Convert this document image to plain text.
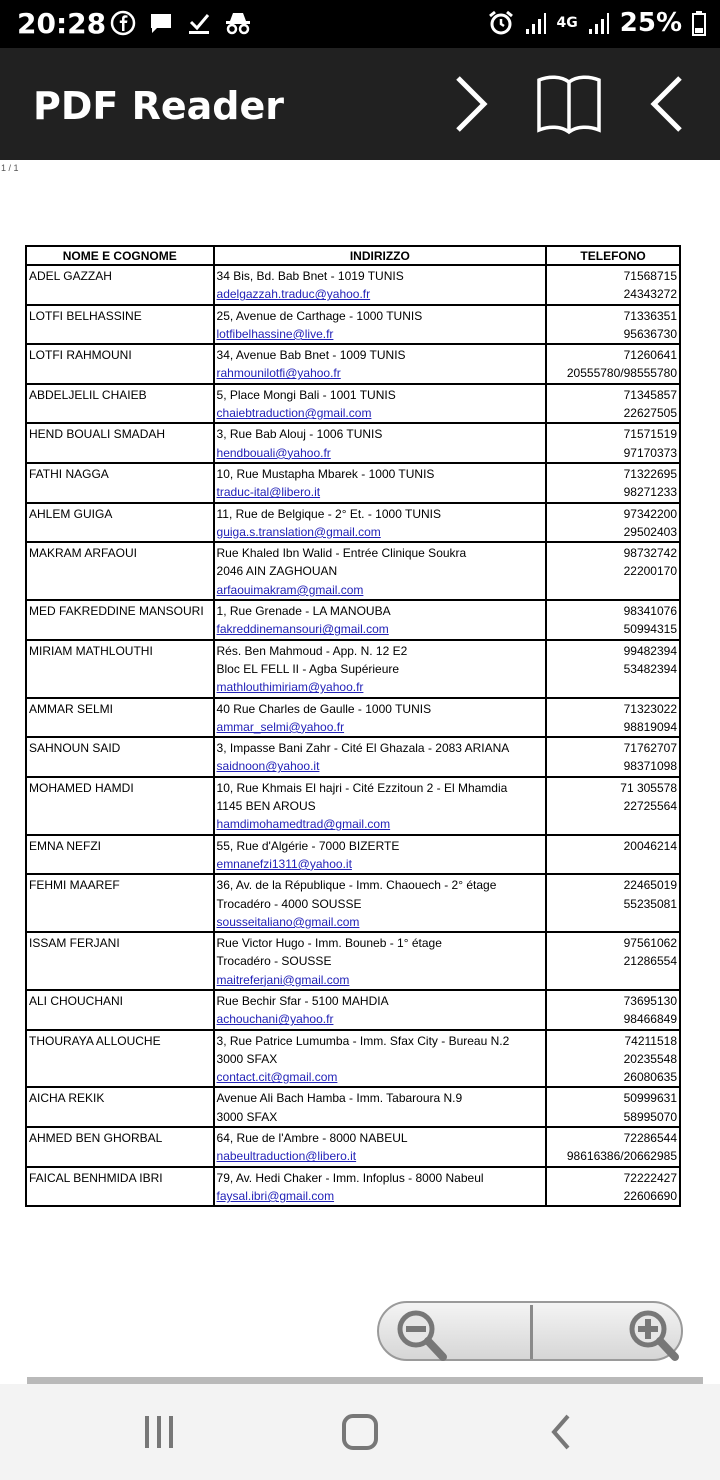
20:28	4G 25%
PDF Reader
1 / 1
NOME E COGNOME	INDIRIZZO	TELEFONO

ADEL GAZZAH	34 Bis, Bd. Bab Bnet - 1019 TUNIS
adelgazzah.traduc@yahoo.fr	71568715
24343272

LOTFI BELHASSINE	25, Avenue de Carthage - 1000 TUNIS
lotfibelhassine@live.fr	71336351
95636730

LOTFI RAHMOUNI	34, Avenue Bab Bnet - 1009 TUNIS
rahmounilotfi@yahoo.fr	71260641
20555780/98555780

ABDELJELIL CHAIEB	5, Place Mongi Bali - 1001 TUNIS
chaiebtraduction@gmail.com	71345857
22627505

HEND BOUALI SMADAH	3, Rue Bab Alouj - 1006 TUNIS
hendbouali@yahoo.fr	71571519
97170373

FATHI NAGGA	10, Rue Mustapha Mbarek - 1000 TUNIS
traduc-ital@libero.it	71322695
98271233

AHLEM GUIGA	11, Rue de Belgique - 2° Et. - 1000 TUNIS
guiga.s.translation@gmail.com	97342200
29502403

MAKRAM ARFAOUI	Rue Khaled Ibn Walid - Entrée Clinique Soukra
2046 AIN ZAGHOUAN
arfaouimakram@gmail.com	98732742
22200170

MED FAKREDDINE MANSOURI	1, Rue Grenade - LA MANOUBA
fakreddinemansouri@gmail.com	98341076
50994315

MIRIAM MATHLOUTHI	Rés. Ben Mahmoud - App. N. 12 E2
Bloc EL FELL II - Agba Supérieure
mathlouthimiriam@yahoo.fr	99482394
53482394

AMMAR SELMI	40 Rue Charles de Gaulle - 1000 TUNIS
ammar_selmi@yahoo.fr	71323022
98819094

SAHNOUN SAID	3, Impasse Bani Zahr - Cité El Ghazala - 2083 ARIANA
saidnoon@yahoo.it	71762707
98371098

MOHAMED HAMDI	10, Rue Khmais El hajri - Cité Ezzitoun 2 - El Mhamdia
1145 BEN AROUS
hamdimohamedtrad@gmail.com	71 305578
22725564

EMNA NEFZI	55, Rue d'Algérie - 7000 BIZERTE
emnanefzi1311@yahoo.it	20046214

FEHMI MAAREF	36, Av. de la République - Imm. Chaouech - 2° étage
Trocadéro - 4000 SOUSSE
sousseitaliano@gmail.com	22465019
55235081

ISSAM FERJANI	Rue Victor Hugo - Imm. Bouneb - 1° étage
Trocadéro - SOUSSE
maitreferjani@gmail.com	97561062
21286554

ALI CHOUCHANI	Rue Bechir Sfar - 5100 MAHDIA
achouchani@yahoo.fr	73695130
98466849

THOURAYA ALLOUCHE	3, Rue Patrice Lumumba - Imm. Sfax City - Bureau N.2
3000 SFAX
contact.cit@gmail.com	74211518
20235548
26080635

AICHA REKIK	Avenue Ali Bach Hamba - Imm. Tabaroura N.9
3000 SFAX	50999631
58995070

AHMED BEN GHORBAL	64, Rue de l'Ambre - 8000 NABEUL
nabeultraduction@libero.it	72286544
98616386/20662985

FAICAL BENHMIDA IBRI	79, Av. Hedi Chaker - Imm. Infoplus - 8000 Nabeul
faysal.ibri@gmail.com	72222427
22606690
